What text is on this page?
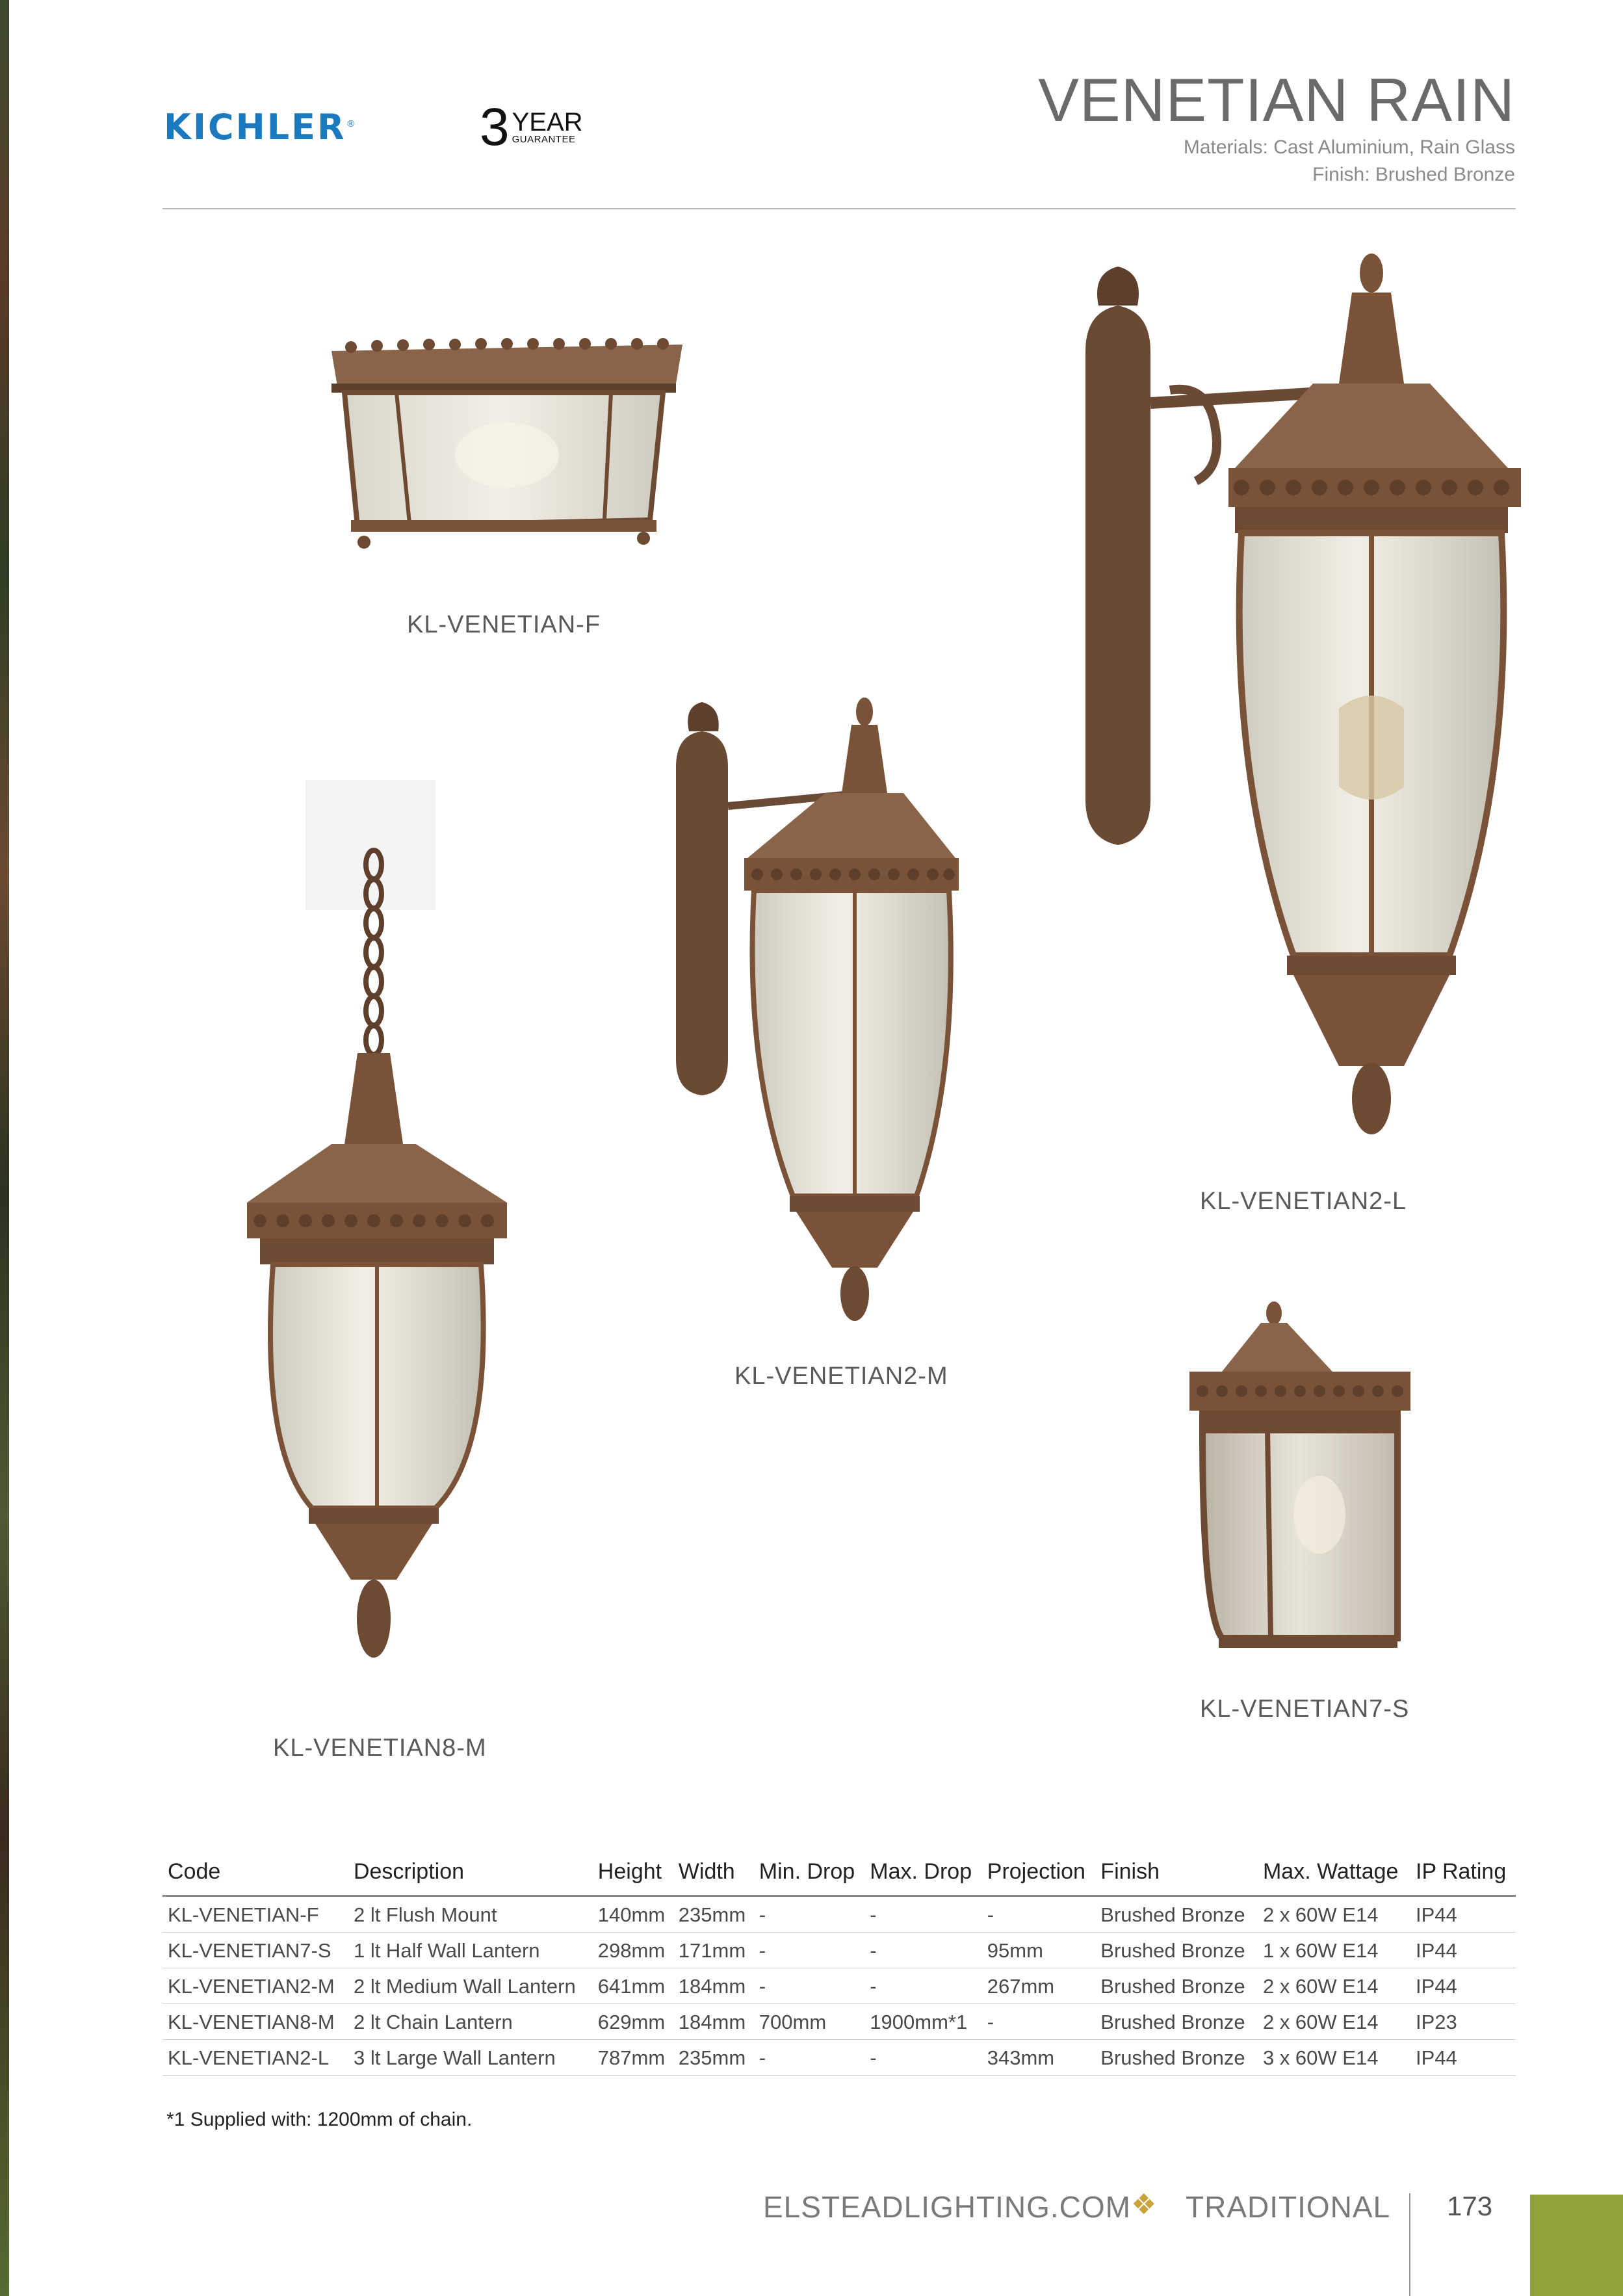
KICHLER® 3 YEAR
GUARANTEE
VENETIAN RAIN
Materials: Cast Aluminium, Rain Glass
Finish: Brushed Bronze
KL-VENETIAN-F
KL-VENETIAN2-L
KL-VENETIAN2-M
KL-VENETIAN8-M
KL-VENETIAN7-S
Code	Description	Height	Width	Min. Drop	Max. Drop	Projection	Finish	Max. Wattage	IP Rating
KL-VENETIAN-F	2 lt Flush Mount	140mm	235mm	-	-	-	Brushed Bronze	2 x 60W E14	IP44
KL-VENETIAN7-S	1 lt Half Wall Lantern	298mm	171mm	-	-	95mm	Brushed Bronze	1 x 60W E14	IP44
KL-VENETIAN2-M	2 lt Medium Wall Lantern	641mm	184mm	-	-	267mm	Brushed Bronze	2 x 60W E14	IP44
KL-VENETIAN8-M	2 lt Chain Lantern	629mm	184mm	700mm	1900mm*1	-	Brushed Bronze	2 x 60W E14	IP23
KL-VENETIAN2-L	3 lt Large Wall Lantern	787mm	235mm	-	-	343mm	Brushed Bronze	3 x 60W E14	IP44
*1 Supplied with: 1200mm of chain.
ELSTEADLIGHTING.COM ❖ TRADITIONAL 173
